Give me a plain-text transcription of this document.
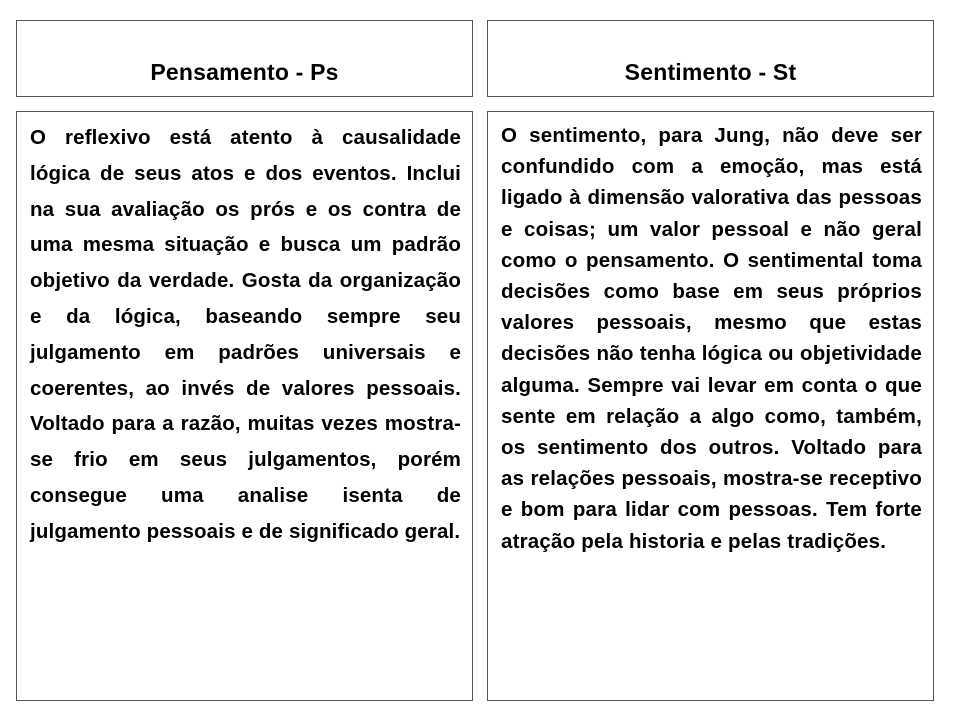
Pensamento - Ps	Sentimento - St

O reflexivo está atento à causalidade lógica de seus atos e dos eventos. Inclui na sua avaliação os prós e os contra de uma mesma situação e busca um padrão objetivo da verdade. Gosta da organização e da lógica, baseando sempre seu julgamento em padrões universais e coerentes, ao invés de valores pessoais. Voltado para a razão, muitas vezes mostra-se frio em seus julgamentos, porém consegue uma analise isenta de julgamento pessoais e de significado geral.

O sentimento, para Jung, não deve ser confundido com a emoção, mas está ligado à dimensão valorativa das pessoas e coisas; um valor pessoal e não geral como o pensamento. O sentimental toma decisões como base em seus próprios valores pessoais, mesmo que estas decisões não tenha lógica ou objetividade alguma. Sempre vai levar em conta o que sente em relação a algo como, também, os sentimento dos outros. Voltado para as relações pessoais, mostra-se receptivo e bom para lidar com pessoas. Tem forte atração pela historia e pelas tradições.
